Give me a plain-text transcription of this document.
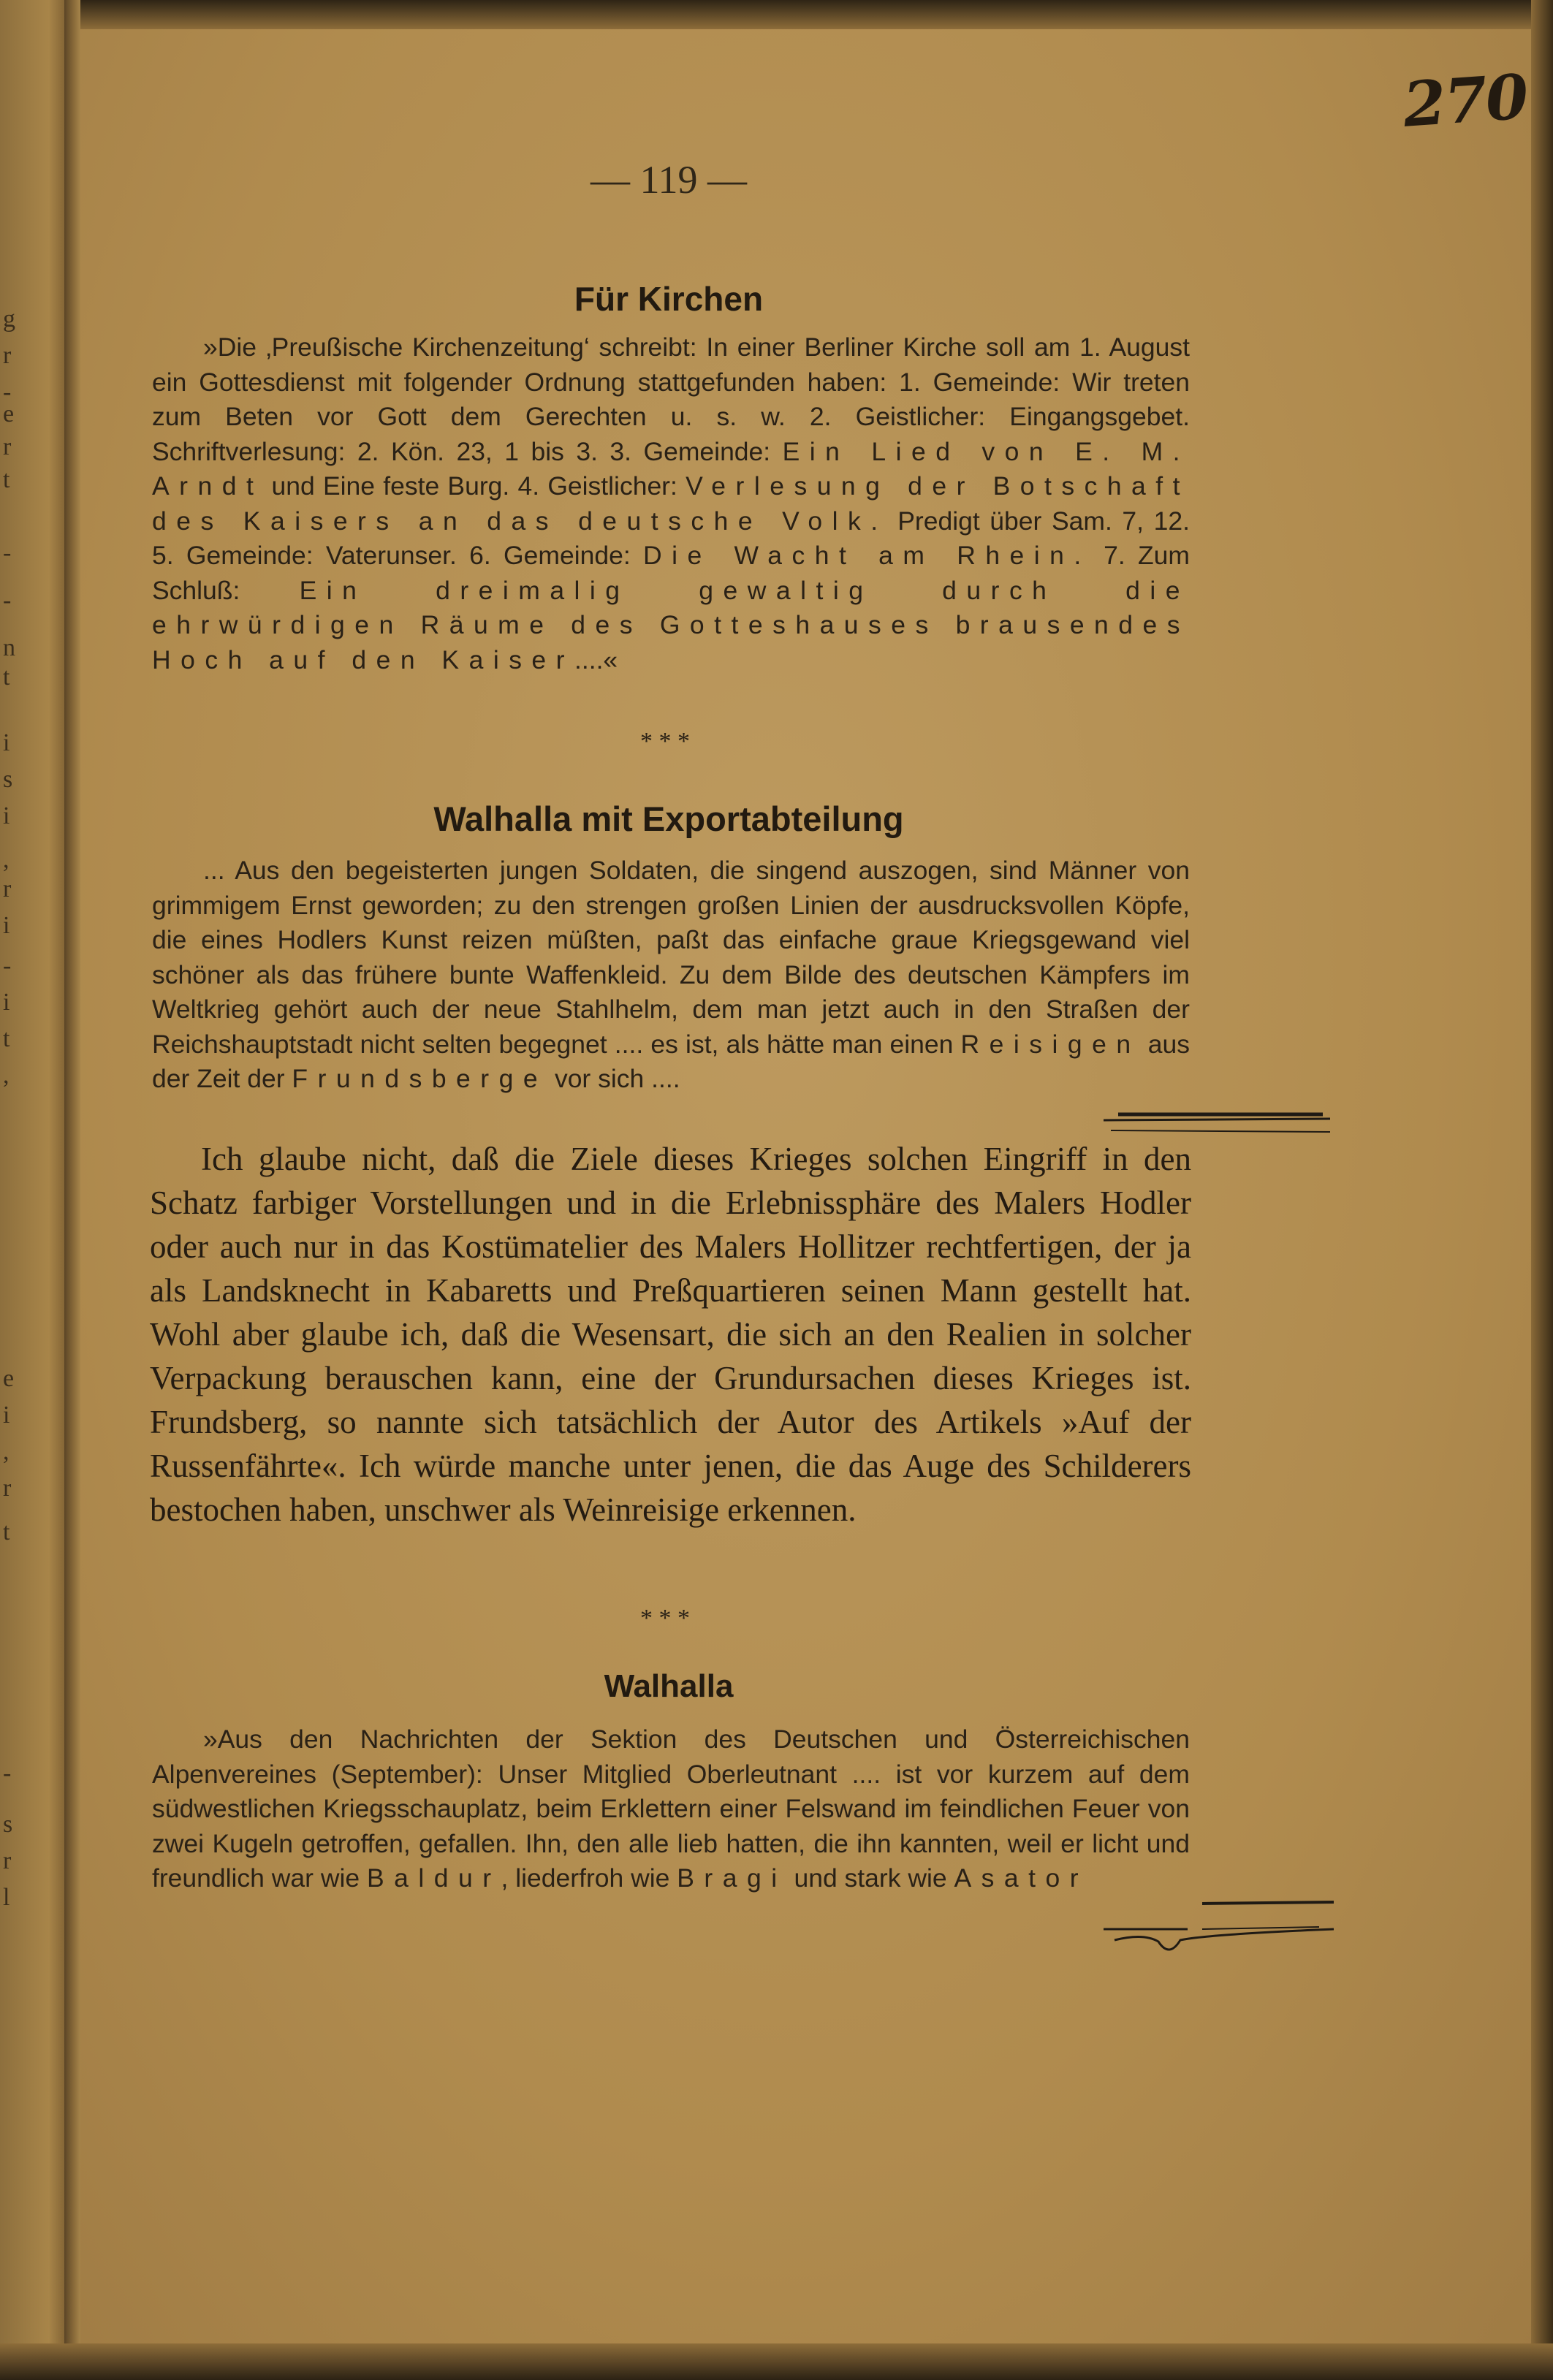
g
r
-
e
r
t
-
-
n
t
i
s
i
,
r
i
-
i
t
,
e
i
,
r
t
-
s
r
l
270
— 119 —
Für Kirchen
»Die ‚Preußische Kirchenzeitung‘ schreibt: In einer Berliner Kirche soll am 1. August ein Gottesdienst mit folgender Ordnung stattgefunden haben: 1. Gemeinde: Wir treten zum Beten vor Gott dem Gerechten u. s. w. 2. Geistlicher: Eingangsgebet. Schriftverlesung: 2. Kön. 23, 1 bis 3. 3. Gemeinde: Ein Lied von E. M. Arndt und Eine feste Burg. 4. Geistlicher: Verlesung der Botschaft des Kaisers an das deutsche Volk. Predigt über Sam. 7, 12. 5. Gemeinde: Vaterunser. 6. Gemeinde: Die Wacht am Rhein. 7. Zum Schluß: Ein dreimalig gewaltig durch die ehrwürdigen Räume des Gotteshauses brausendes Hoch auf den Kaiser....«
* * *
Walhalla mit Exportabteilung
... Aus den begeisterten jungen Soldaten, die singend auszogen, sind Männer von grimmigem Ernst geworden; zu den strengen großen Linien der ausdrucksvollen Köpfe, die eines Hodlers Kunst reizen müßten, paßt das einfache graue Kriegsgewand viel schöner als das frühere bunte Waffenkleid. Zu dem Bilde des deutschen Kämpfers im Weltkrieg gehört auch der neue Stahlhelm, dem man jetzt auch in den Straßen der Reichshauptstadt nicht selten begegnet .... es ist, als hätte man einen Reisigen aus der Zeit der Frundsberge vor sich ....
Ich glaube nicht, daß die Ziele dieses Krieges solchen Eingriff in den Schatz farbiger Vorstellungen und in die Erlebnissphäre des Malers Hodler oder auch nur in das Kostümatelier des Malers Hollitzer rechtfertigen, der ja als Landsknecht in Kabaretts und Preßquartieren seinen Mann gestellt hat. Wohl aber glaube ich, daß die Wesensart, die sich an den Realien in solcher Verpackung berauschen kann, eine der Grundursachen dieses Krieges ist. Frundsberg, so nannte sich tatsächlich der Autor des Artikels »Auf der Russenfährte«. Ich würde manche unter jenen, die das Auge des Schilderers bestochen haben, unschwer als Weinreisige erkennen.
* * *
Walhalla
»Aus den Nachrichten der Sektion des Deutschen und Österreichischen Alpenvereines (September): Unser Mitglied Oberleutnant .... ist vor kurzem auf dem südwestlichen Kriegsschauplatz, beim Erklettern einer Felswand im feindlichen Feuer von zwei Kugeln getroffen, gefallen. Ihn, den alle lieb hatten, die ihn kannten, weil er licht und freundlich war wie Baldur, liederfroh wie Bragi und stark wie Asator
